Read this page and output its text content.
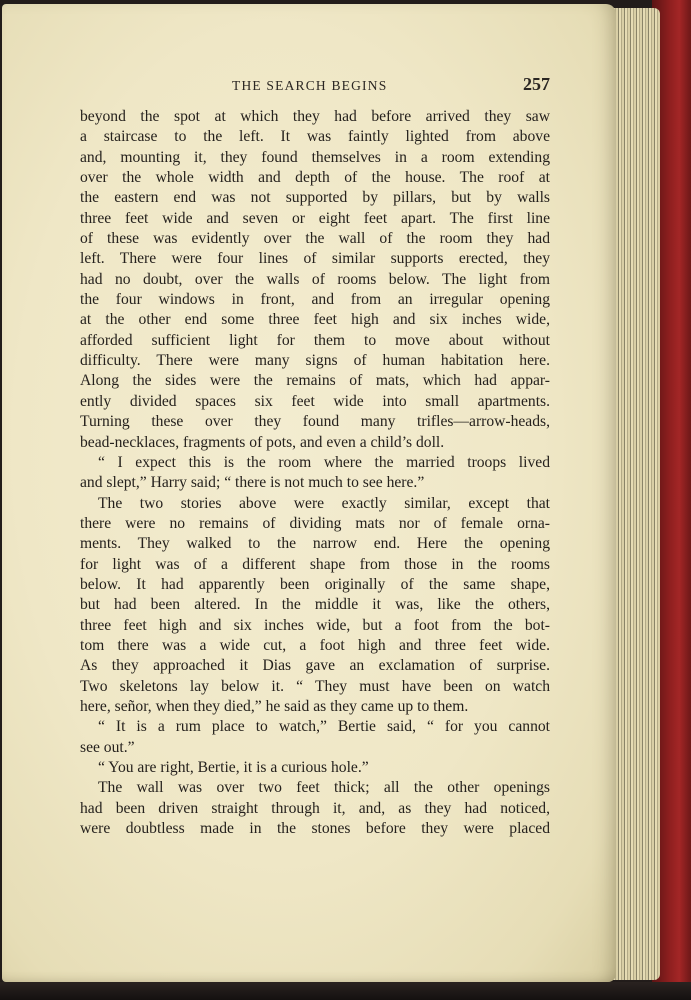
THE SEARCH BEGINS	257
beyond the spot at which they had before arrived they saw
a staircase to the left. It was faintly lighted from above
and, mounting it, they found themselves in a room extending
over the whole width and depth of the house. The roof at
the eastern end was not supported by pillars, but by walls
three feet wide and seven or eight feet apart. The first line
of these was evidently over the wall of the room they had
left. There were four lines of similar supports erected, they
had no doubt, over the walls of rooms below. The light from
the four windows in front, and from an irregular opening
at the other end some three feet high and six inches wide,
afforded sufficient light for them to move about without
difficulty. There were many signs of human habitation here.
Along the sides were the remains of mats, which had appar-
ently divided spaces six feet wide into small apartments.
Turning these over they found many trifles—arrow-heads,
bead-necklaces, fragments of pots, and even a child’s doll.
“ I expect this is the room where the married troops lived
and slept,” Harry said; “ there is not much to see here.”
The two stories above were exactly similar, except that
there were no remains of dividing mats nor of female orna-
ments. They walked to the narrow end. Here the opening
for light was of a different shape from those in the rooms
below. It had apparently been originally of the same shape,
but had been altered. In the middle it was, like the others,
three feet high and six inches wide, but a foot from the bot-
tom there was a wide cut, a foot high and three feet wide.
As they approached it Dias gave an exclamation of surprise.
Two skeletons lay below it. “ They must have been on watch
here, señor, when they died,” he said as they came up to them.
“ It is a rum place to watch,” Bertie said, “ for you cannot
see out.”
“ You are right, Bertie, it is a curious hole.”
The wall was over two feet thick; all the other openings
had been driven straight through it, and, as they had noticed,
were doubtless made in the stones before they were placed
